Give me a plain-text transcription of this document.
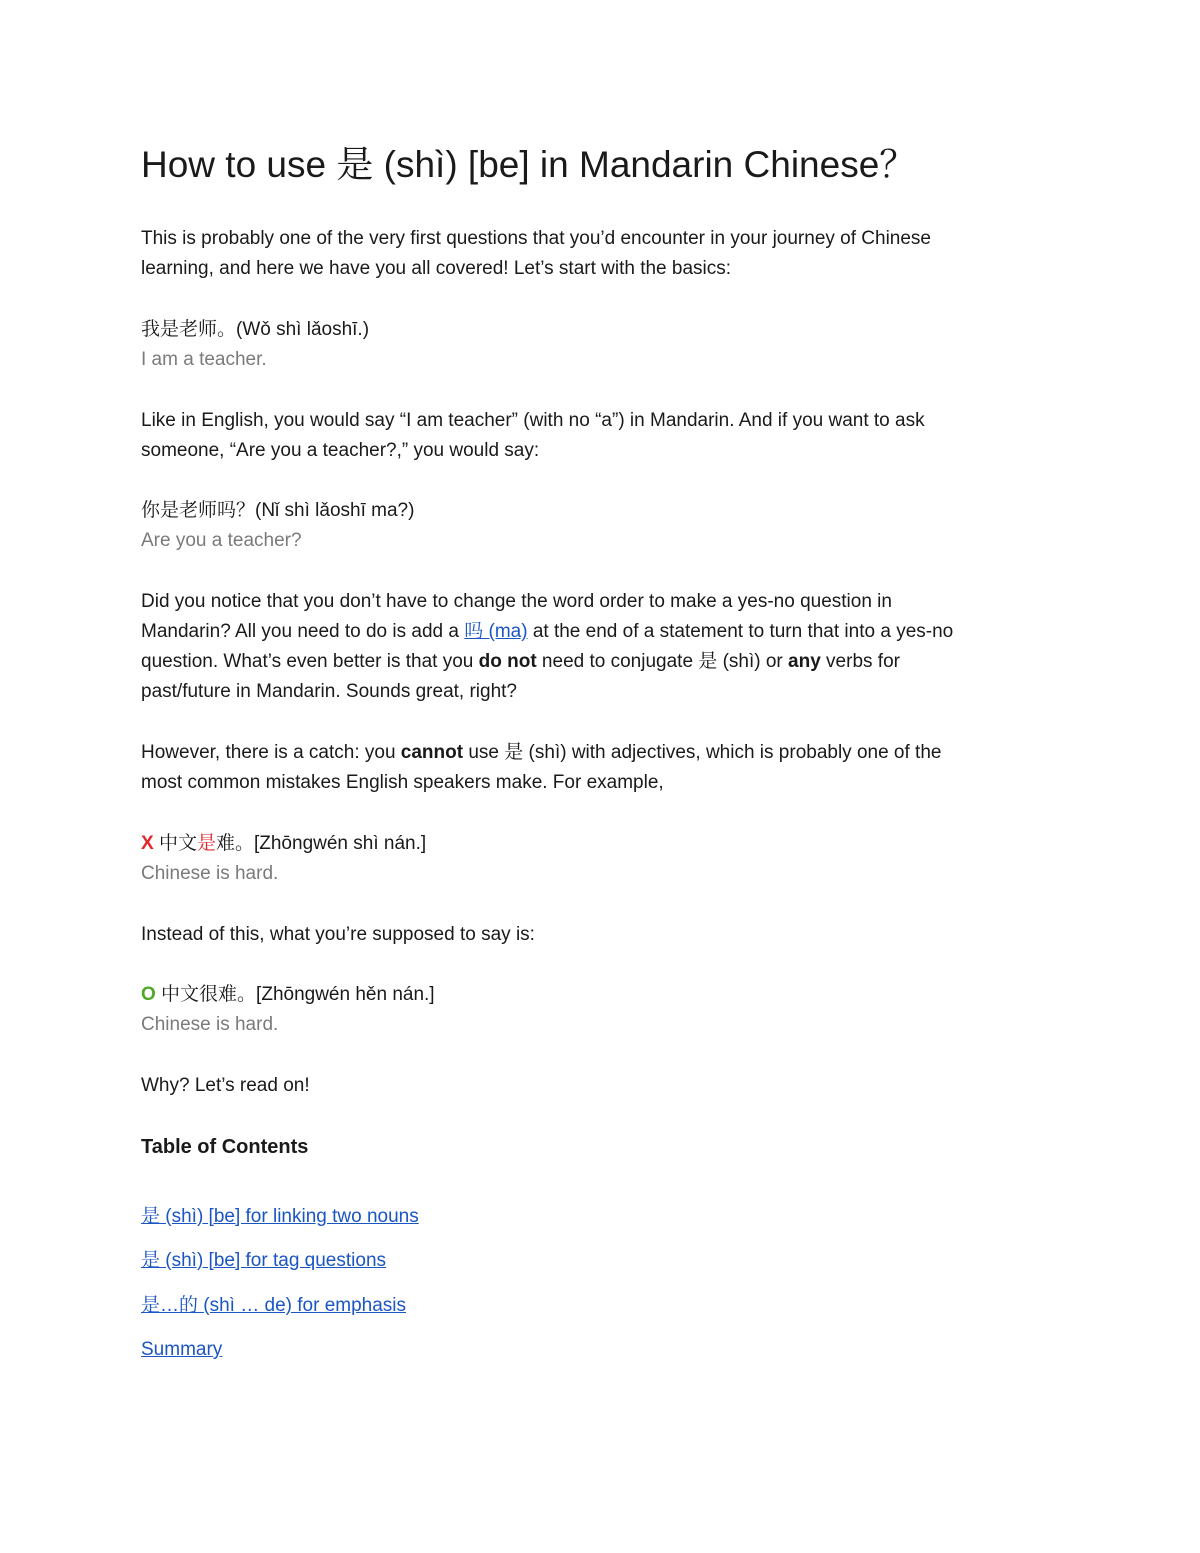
How to use 是 (shì) [be] in Mandarin Chinese？
This is probably one of the very first questions that you’d encounter in your journey of Chinese
learning, and here we have you all covered! Let’s start with the basics:
我是老师。(Wǒ shì lǎoshī.)
I am a teacher.
Like in English, you would say “I am teacher” (with no “a”) in Mandarin. And if you want to ask
someone, “Are you a teacher?,” you would say:
你是老师吗？(Nǐ shì lǎoshī ma?)
Are you a teacher?
Did you notice that you don’t have to change the word order to make a yes-no question in
Mandarin? All you need to do is add a 吗 (ma) at the end of a statement to turn that into a yes-no
question. What’s even better is that you do not need to conjugate 是 (shì) or any verbs for
past/future in Mandarin. Sounds great, right?
However, there is a catch: you cannot use 是 (shì) with adjectives, which is probably one of the
most common mistakes English speakers make. For example,
X 中文是难。[Zhōngwén shì nán.]
Chinese is hard.
Instead of this, what you’re supposed to say is:
O 中文很难。[Zhōngwén hěn nán.]
Chinese is hard.
Why? Let’s read on!
Table of Contents
是 (shì) [be] for linking two nouns
是 (shì) [be] for tag questions
是…的 (shì … de) for emphasis
Summary
